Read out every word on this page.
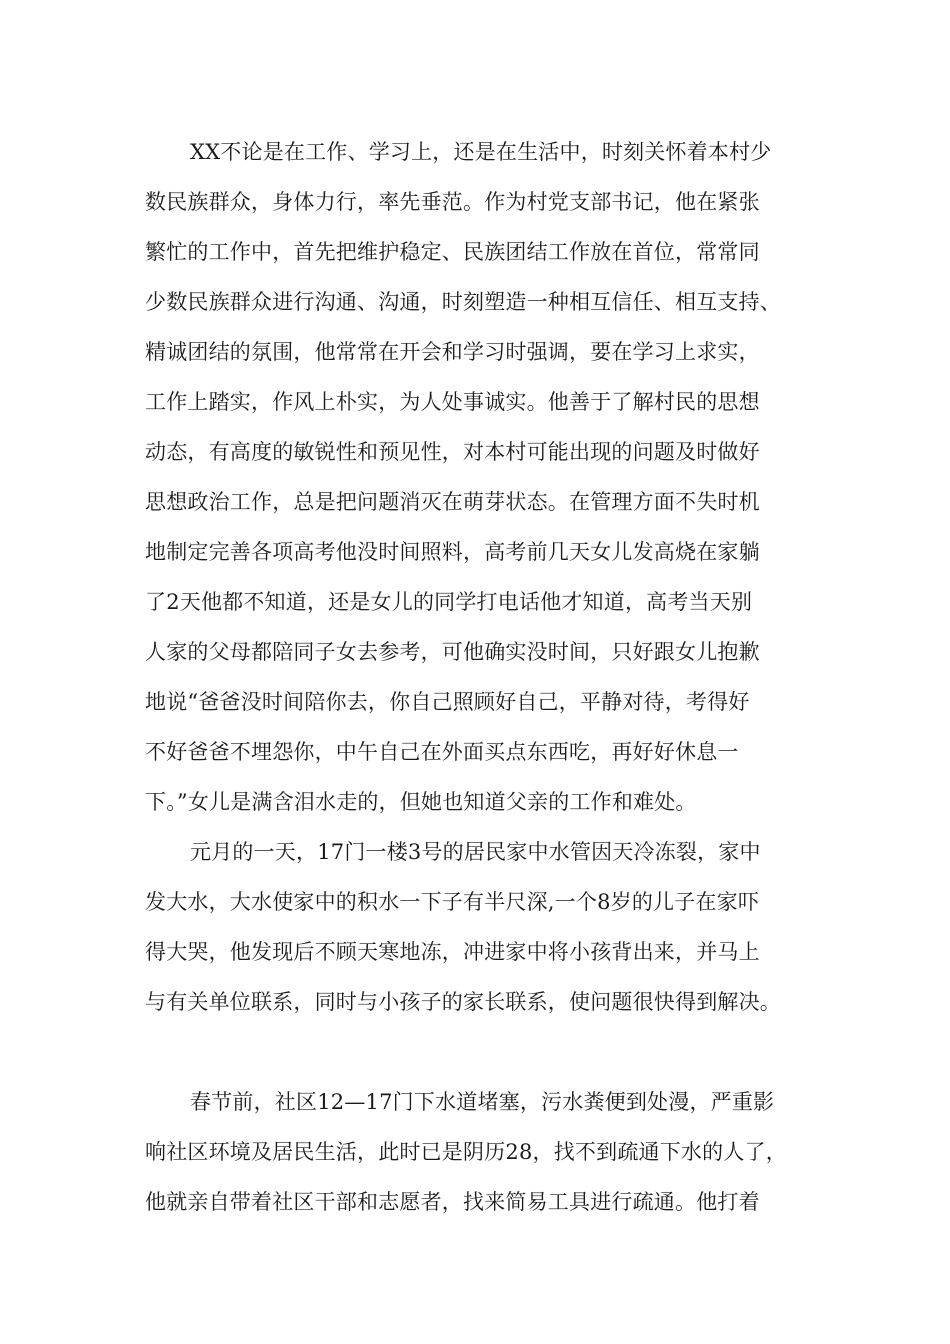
XX不论是在工作、学习上，还是在生活中，时刻关怀着本村少
数民族群众，身体力行，率先垂范。作为村党支部书记，他在紧张
繁忙的工作中，首先把维护稳定、民族团结工作放在首位，常常同
少数民族群众进行沟通、沟通，时刻塑造一种相互信任、相互支持、
精诚团结的氛围，他常常在开会和学习时强调，要在学习上求实，
工作上踏实，作风上朴实，为人处事诚实。他善于了解村民的思想
动态，有高度的敏锐性和预见性，对本村可能出现的问题及时做好
思想政治工作，总是把问题消灭在萌芽状态。在管理方面不失时机
地制定完善各项高考他没时间照料，高考前几天女儿发高烧在家躺
了2天他都不知道，还是女儿的同学打电话他才知道，高考当天别
人家的父母都陪同子女去参考，可他确实没时间，只好跟女儿抱歉
地说“爸爸没时间陪你去，你自己照顾好自己，平静对待，考得好
不好爸爸不埋怨你，中午自己在外面买点东西吃，再好好休息一
下。”女儿是满含泪水走的，但她也知道父亲的工作和难处。
元月的一天，17门一楼3号的居民家中水管因天冷冻裂，家中
发大水，大水使家中的积水一下子有半尺深,一个8岁的儿子在家吓
得大哭，他发现后不顾天寒地冻，冲进家中将小孩背出来，并马上
与有关单位联系，同时与小孩子的家长联系，使问题很快得到解决。
春节前，社区12—17门下水道堵塞，污水粪便到处漫，严重影
响社区环境及居民生活，此时已是阴历28，找不到疏通下水的人了，
他就亲自带着社区干部和志愿者，找来简易工具进行疏通。他打着
